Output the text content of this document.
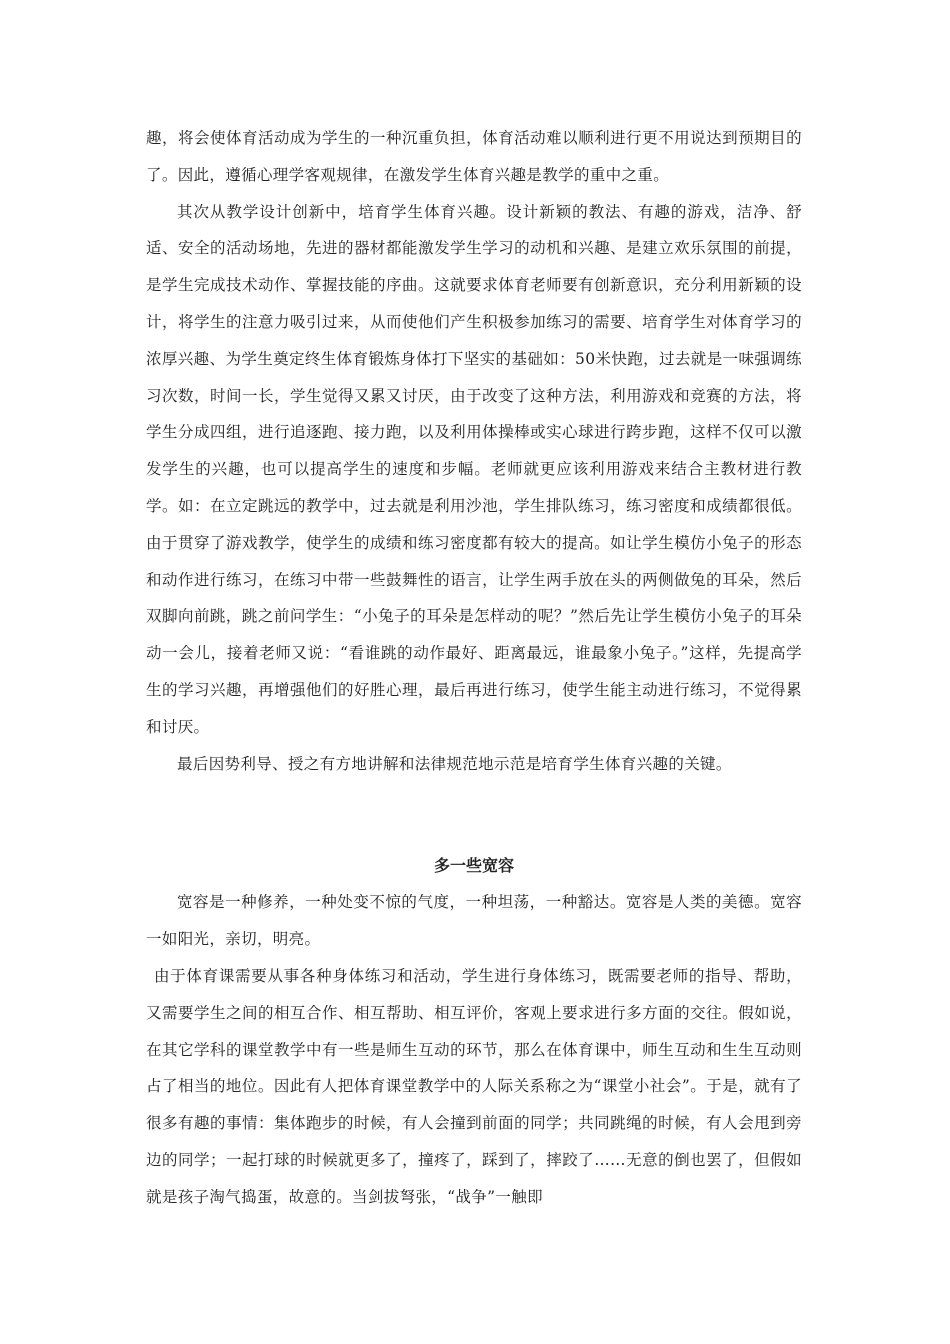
趣，将会使体育活动成为学生的一种沉重负担，体育活动难以顺利进行更不用说达到预期目的了。因此，遵循心理学客观规律，在激发学生体育兴趣是教学的重中之重。

其次从教学设计创新中，培育学生体育兴趣。设计新颖的教法、有趣的游戏，洁净、舒适、安全的活动场地，先进的器材都能激发学生学习的动机和兴趣、是建立欢乐氛围的前提，是学生完成技术动作、掌握技能的序曲。这就要求体育老师要有创新意识，充分利用新颖的设计，将学生的注意力吸引过来，从而使他们产生积极参加练习的需要、培育学生对体育学习的浓厚兴趣、为学生奠定终生体育锻炼身体打下坚实的基础如：50米快跑，过去就是一味强调练习次数，时间一长，学生觉得又累又讨厌，由于改变了这种方法，利用游戏和竞赛的方法，将学生分成四组，进行追逐跑、接力跑，以及利用体操棒或实心球进行跨步跑，这样不仅可以激发学生的兴趣，也可以提高学生的速度和步幅。老师就更应该利用游戏来结合主教材进行教学。如：在立定跳远的教学中，过去就是利用沙池，学生排队练习，练习密度和成绩都很低。由于贯穿了游戏教学，使学生的成绩和练习密度都有较大的提高。如让学生模仿小兔子的形态和动作进行练习，在练习中带一些鼓舞性的语言，让学生两手放在头的两侧做兔的耳朵，然后双脚向前跳，跳之前问学生：“小兔子的耳朵是怎样动的呢？”然后先让学生模仿小兔子的耳朵动一会儿，接着老师又说：“看谁跳的动作最好、距离最远，谁最象小兔子。”这样，先提高学生的学习兴趣，再增强他们的好胜心理，最后再进行练习，使学生能主动进行练习，不觉得累和讨厌。

最后因势利导、授之有方地讲解和法律规范地示范是培育学生体育兴趣的关键。

多一些宽容

宽容是一种修养，一种处变不惊的气度，一种坦荡，一种豁达。宽容是人类的美德。宽容一如阳光，亲切，明亮。

由于体育课需要从事各种身体练习和活动，学生进行身体练习，既需要老师的指导、帮助，又需要学生之间的相互合作、相互帮助、相互评价，客观上要求进行多方面的交往。假如说，在其它学科的课堂教学中有一些是师生互动的环节，那么在体育课中，师生互动和生生互动则占了相当的地位。因此有人把体育课堂教学中的人际关系称之为“课堂小社会”。于是，就有了很多有趣的事情：集体跑步的时候，有人会撞到前面的同学；共同跳绳的时候，有人会甩到旁边的同学；一起打球的时候就更多了，撞疼了，踩到了，摔跤了……无意的倒也罢了，但假如就是孩子淘气捣蛋，故意的。当剑拔弩张，“战争”一触即
